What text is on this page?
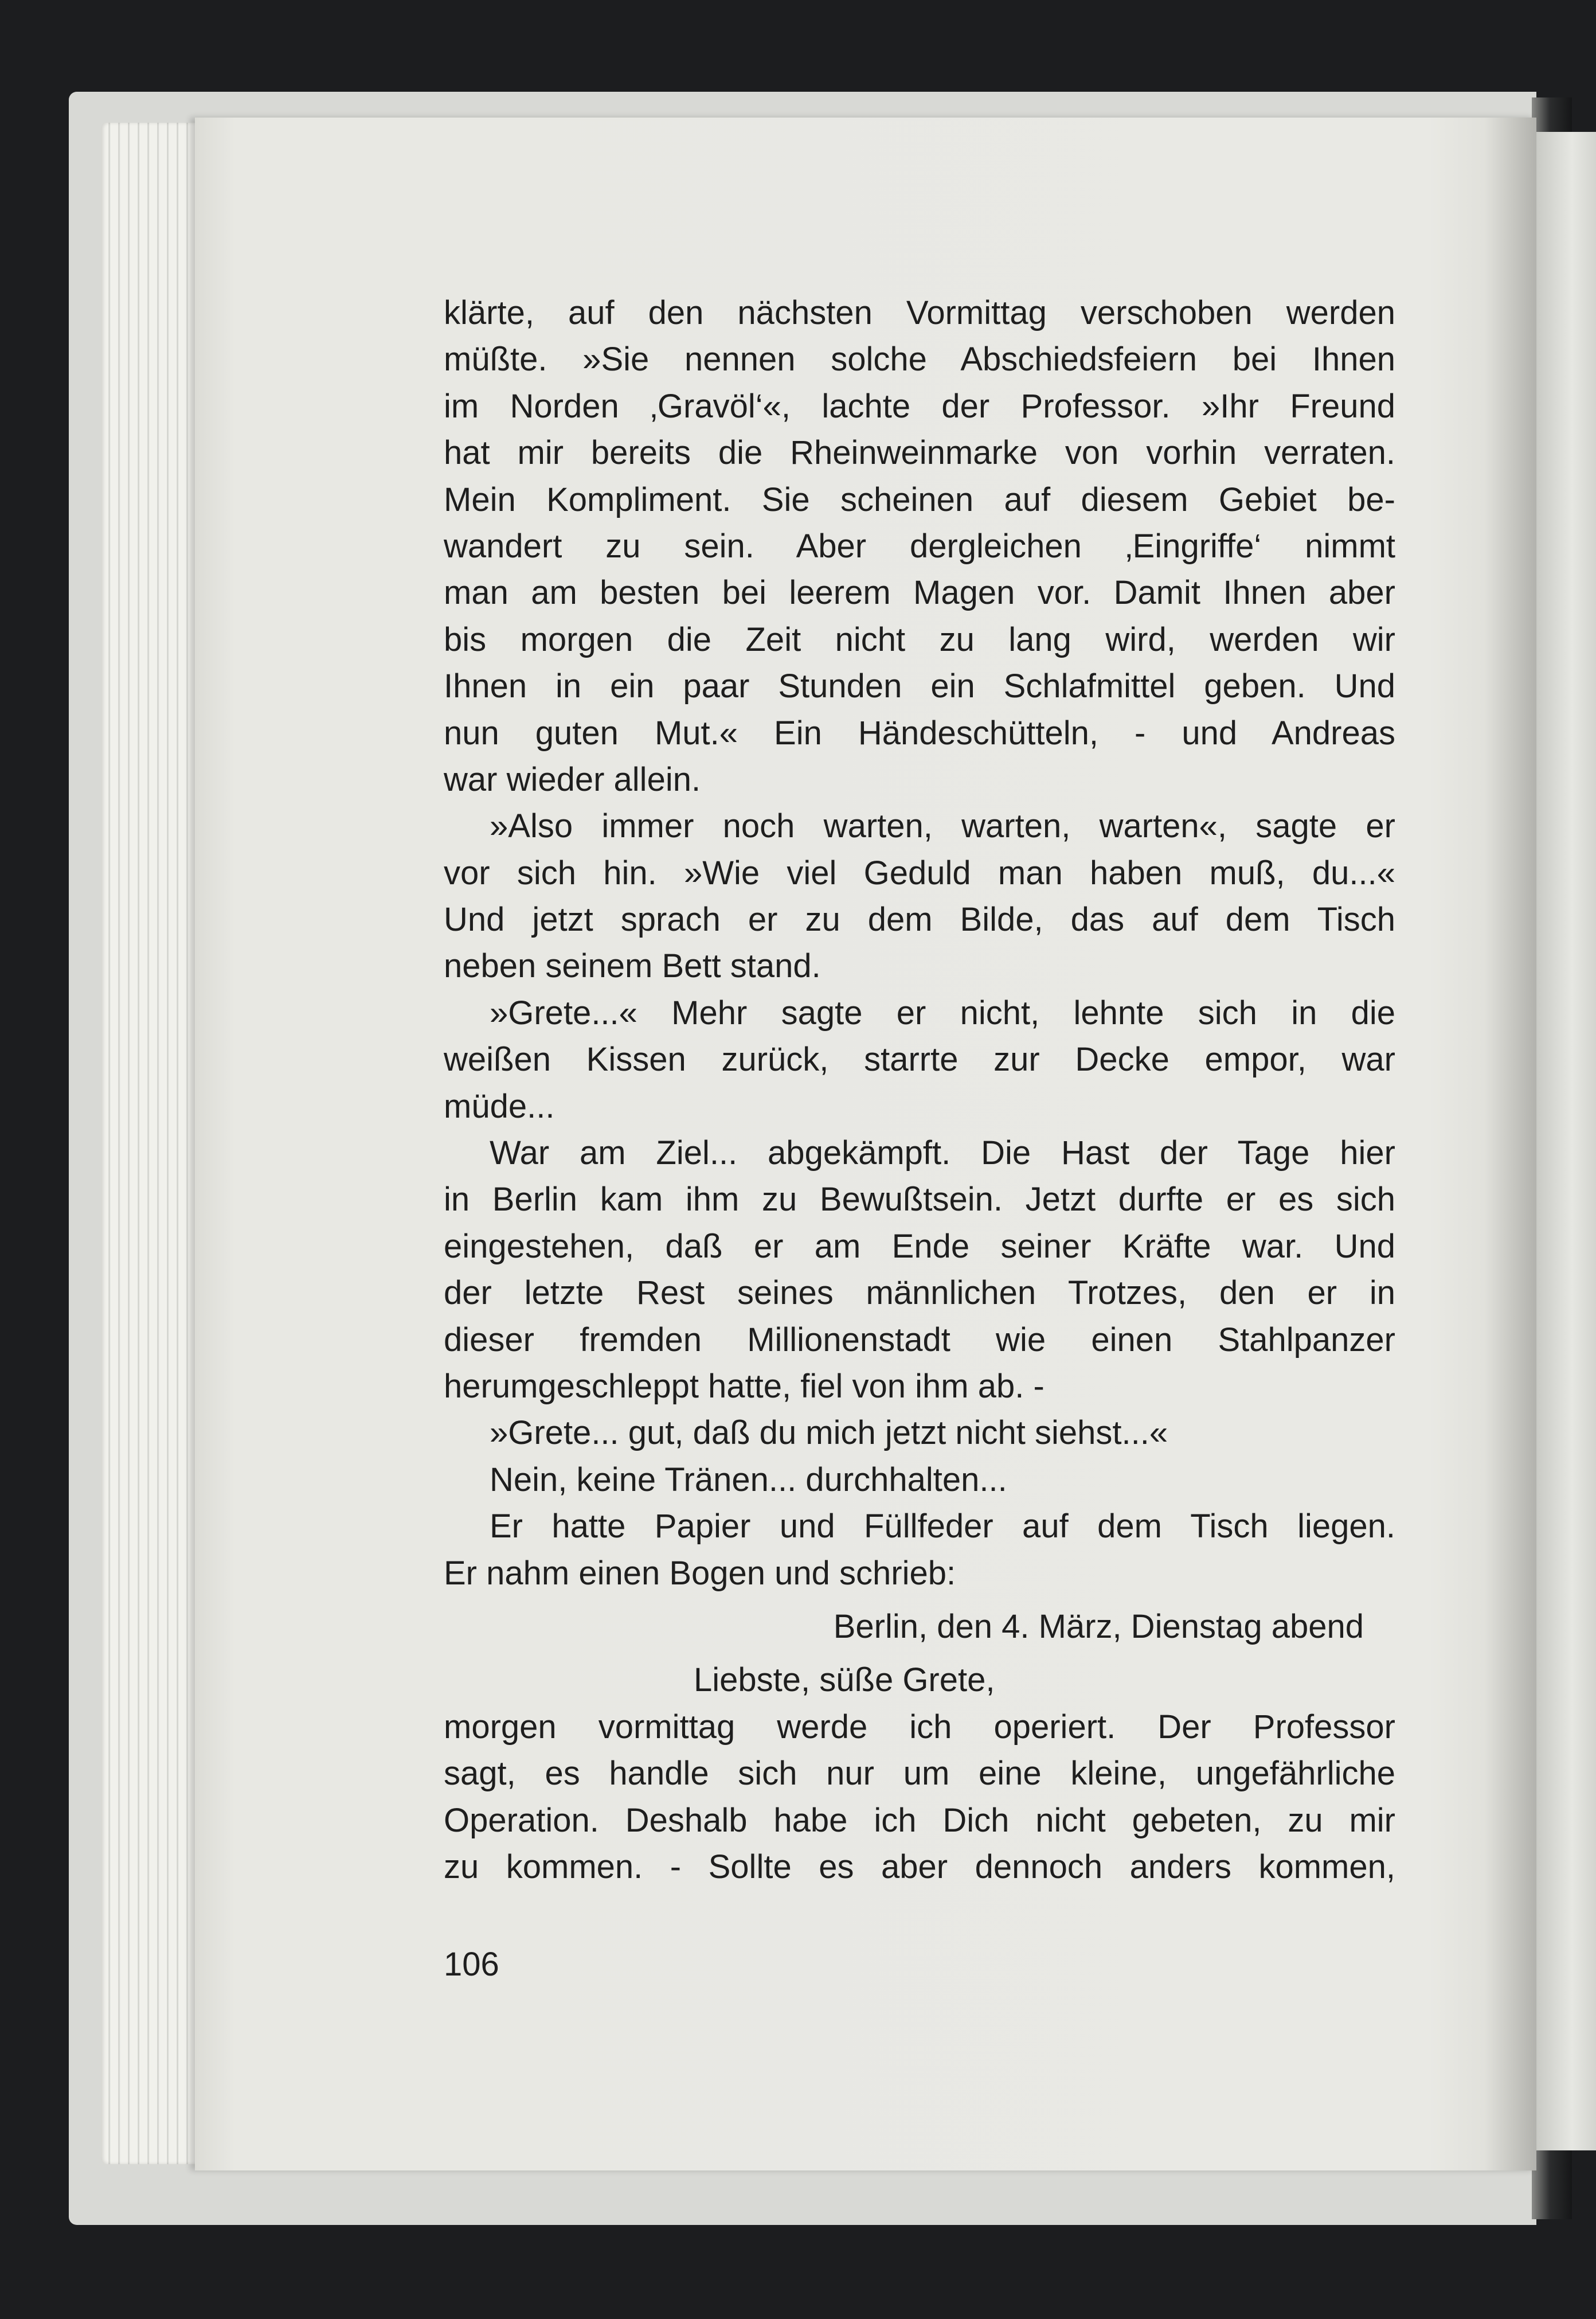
klärte, auf den nächsten Vormittag verschoben werden
müßte. »Sie nennen solche Abschiedsfeiern bei Ihnen
im Norden ‚Gravöl‘«, lachte der Professor. »Ihr Freund
hat mir bereits die Rheinweinmarke von vorhin verraten.
Mein Kompliment. Sie scheinen auf diesem Gebiet be-
wandert zu sein. Aber dergleichen ‚Eingriffe‘ nimmt
man am besten bei leerem Magen vor. Damit Ihnen aber
bis morgen die Zeit nicht zu lang wird, werden wir
Ihnen in ein paar Stunden ein Schlafmittel geben. Und
nun guten Mut.« Ein Händeschütteln, - und Andreas
war wieder allein.
»Also immer noch warten, warten, warten«, sagte er
vor sich hin. »Wie viel Geduld man haben muß, du...«
Und jetzt sprach er zu dem Bilde, das auf dem Tisch
neben seinem Bett stand.
»Grete...« Mehr sagte er nicht, lehnte sich in die
weißen Kissen zurück, starrte zur Decke empor, war
müde...
War am Ziel... abgekämpft. Die Hast der Tage hier
in Berlin kam ihm zu Bewußtsein. Jetzt durfte er es sich
eingestehen, daß er am Ende seiner Kräfte war. Und
der letzte Rest seines männlichen Trotzes, den er in
dieser fremden Millionenstadt wie einen Stahlpanzer
herumgeschleppt hatte, fiel von ihm ab. -
»Grete... gut, daß du mich jetzt nicht siehst...«
Nein, keine Tränen... durchhalten...
Er hatte Papier und Füllfeder auf dem Tisch liegen.
Er nahm einen Bogen und schrieb:
Berlin, den 4. März, Dienstag abend
Liebste, süße Grete,
morgen vormittag werde ich operiert. Der Professor
sagt, es handle sich nur um eine kleine, ungefährliche
Operation. Deshalb habe ich Dich nicht gebeten, zu mir
zu kommen. - Sollte es aber dennoch anders kommen,
106
